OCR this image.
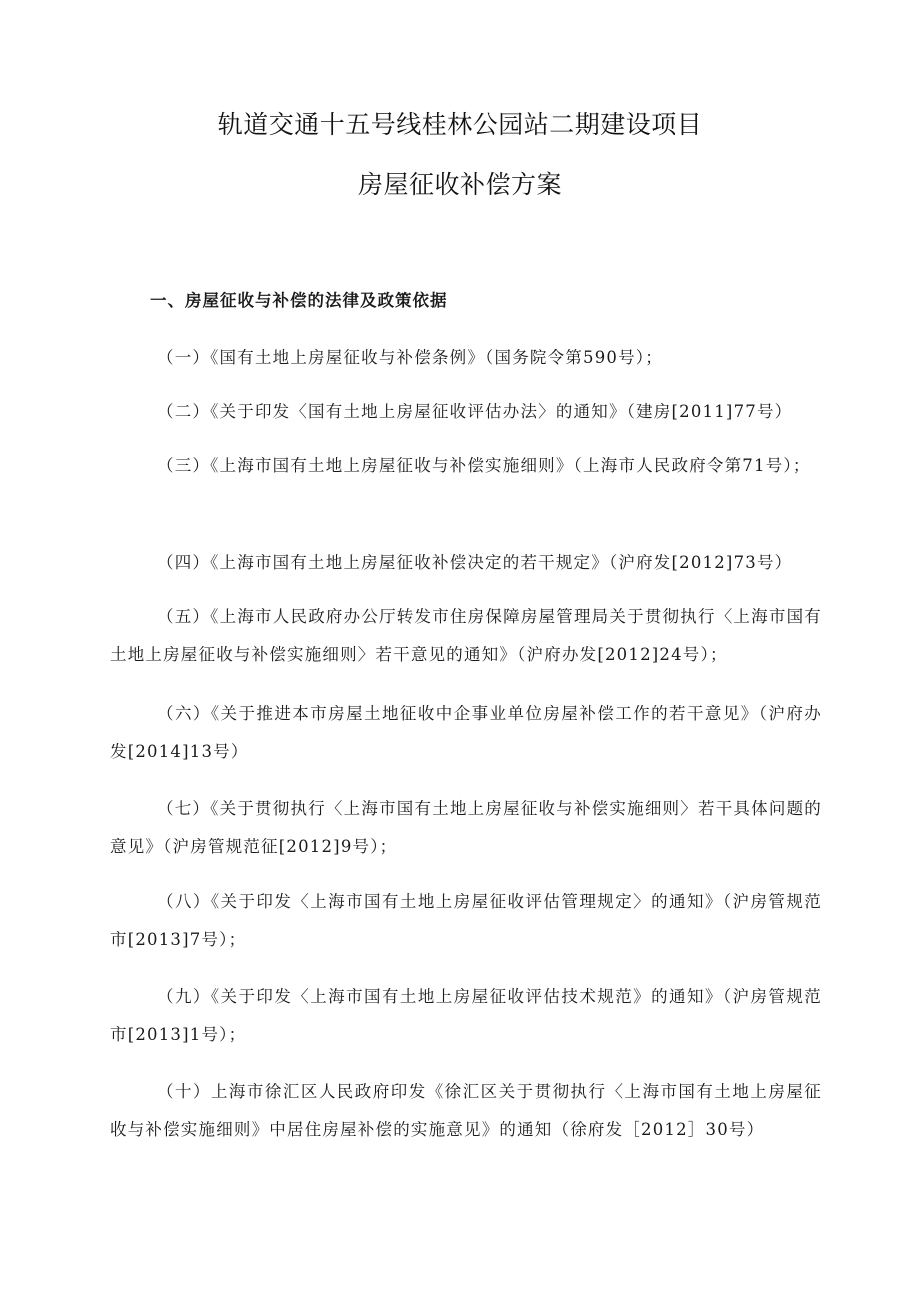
轨道交通十五号线桂林公园站二期建设项目
房屋征收补偿方案
一、房屋征收与补偿的法律及政策依据
（一）《国有土地上房屋征收与补偿条例》（国务院令第590号）；
（二）《关于印发〈国有土地上房屋征收评估办法〉的通知》（建房[2011]77号）
（三）《上海市国有土地上房屋征收与补偿实施细则》（上海市人民政府令第71号）；
（四）《上海市国有土地上房屋征收补偿决定的若干规定》（沪府发[2012]73号）
（五）《上海市人民政府办公厅转发市住房保障房屋管理局关于贯彻执行〈上海市国有土地上房屋征收与补偿实施细则〉若干意见的通知》（沪府办发[2012]24号）；
（六）《关于推进本市房屋土地征收中企事业单位房屋补偿工作的若干意见》（沪府办发[2014]13号）
（七）《关于贯彻执行〈上海市国有土地上房屋征收与补偿实施细则〉若干具体问题的意见》（沪房管规范征[2012]9号）；
（八）《关于印发〈上海市国有土地上房屋征收评估管理规定〉的通知》（沪房管规范市[2013]7号）；
（九）《关于印发〈上海市国有土地上房屋征收评估技术规范》的通知》（沪房管规范市[2013]1号）；
（十）上海市徐汇区人民政府印发《徐汇区关于贯彻执行〈上海市国有土地上房屋征收与补偿实施细则》中居住房屋补偿的实施意见》的通知（徐府发［2012］30号）
